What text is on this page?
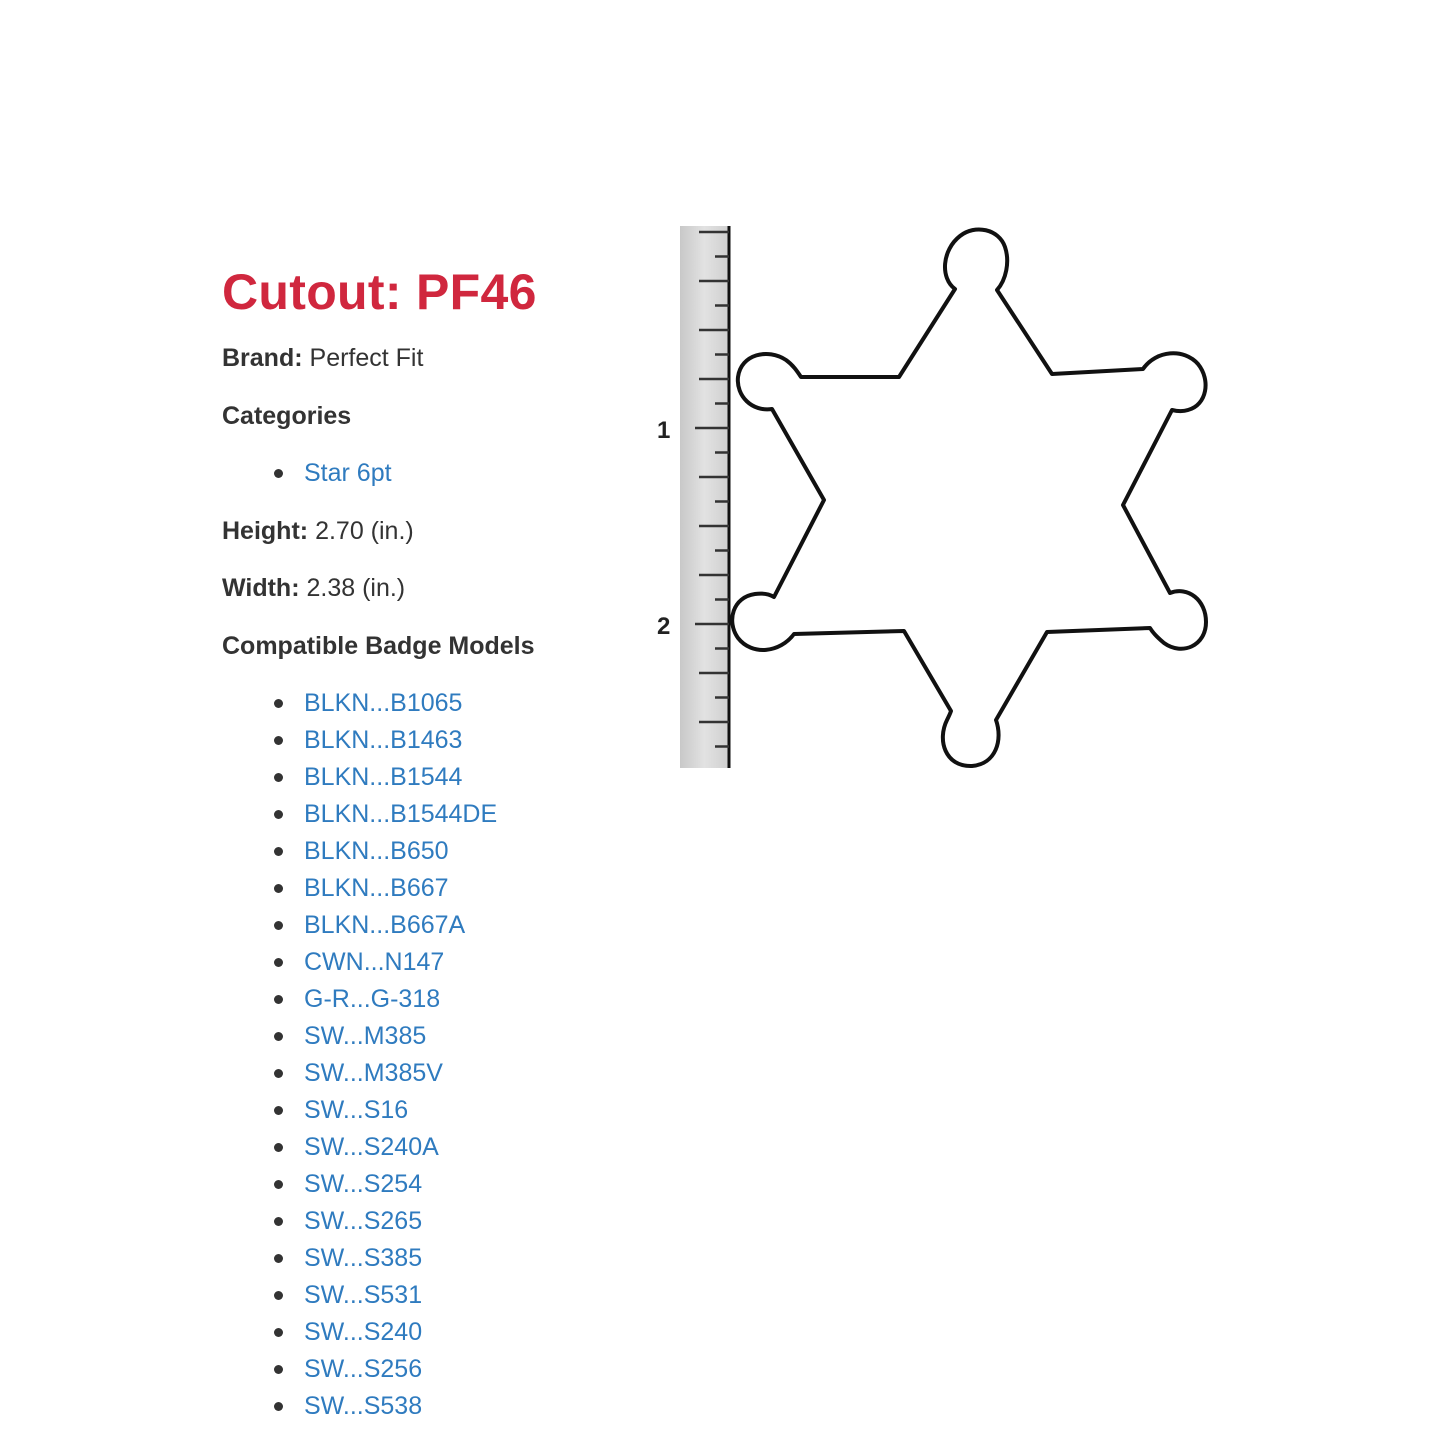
Cutout: PF46
Brand: Perfect Fit
Categories
Star 6pt
Height: 2.70 (in.)
Width: 2.38 (in.)
Compatible Badge Models
BLKN...B1065
BLKN...B1463
BLKN...B1544
BLKN...B1544DE
BLKN...B650
BLKN...B667
BLKN...B667A
CWN...N147
G-R...G-318
SW...M385
SW...M385V
SW...S16
SW...S240A
SW...S254
SW...S265
SW...S385
SW...S531
SW...S240
SW...S256
SW...S538
1
2
